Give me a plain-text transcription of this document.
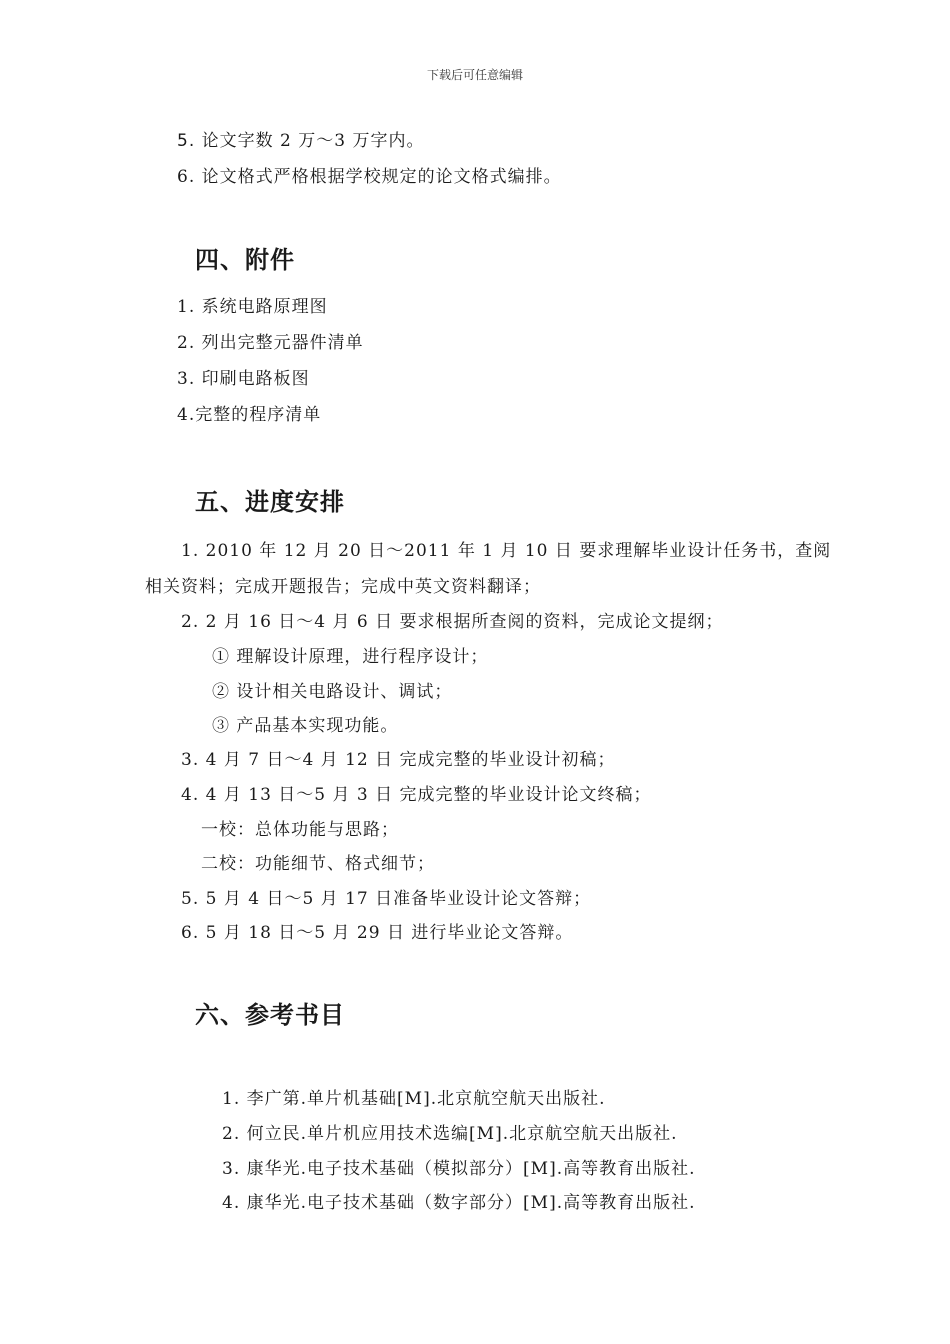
下载后可任意编辑
5. 论文字数 2 万～3 万字内。
6. 论文格式严格根据学校规定的论文格式编排。
四、附件
1. 系统电路原理图
2. 列出完整元器件清单
3. 印刷电路板图
4.完整的程序清单
五、进度安排
1. 2010 年 12 月 20 日～2011 年 1 月 10 日 要求理解毕业设计任务书，查阅
相关资料；完成开题报告；完成中英文资料翻译；
2. 2 月 16 日～4 月 6 日 要求根据所查阅的资料，完成论文提纲；
① 理解设计原理，进行程序设计；
② 设计相关电路设计、调试；
③ 产品基本实现功能。
3. 4 月 7 日～4 月 12 日 完成完整的毕业设计初稿；
4. 4 月 13 日～5 月 3 日 完成完整的毕业设计论文终稿；
一校：总体功能与思路；
二校：功能细节、格式细节；
5. 5 月 4 日～5 月 17 日准备毕业设计论文答辩；
6. 5 月 18 日～5 月 29 日 进行毕业论文答辩。
六、参考书目
1. 李广第.单片机基础[M].北京航空航天出版社.
2. 何立民.单片机应用技术选编[M].北京航空航天出版社.
3. 康华光.电子技术基础（模拟部分）[M].高等教育出版社.
4. 康华光.电子技术基础（数字部分）[M].高等教育出版社.
